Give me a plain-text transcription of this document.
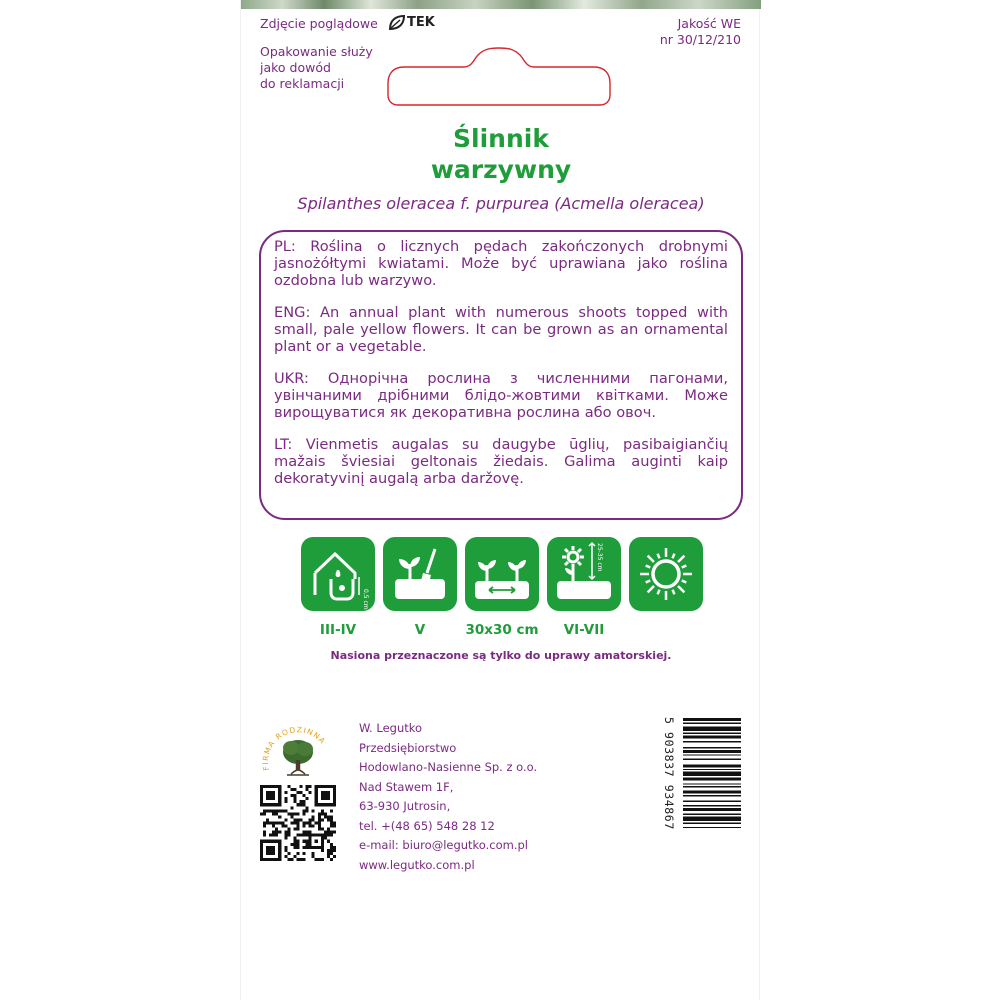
Zdjęcie poglądowe TEK
Opakowanie służy
jako dowód
do reklamacji
Jakość WE
nr 30/12/210
Ślinnik
warzywny
Spilanthes oleracea f. purpurea (Acmella oleracea)

PL: Roślina o licznych pędach zakończonych drobnymi jasnożółtymi kwiatami. Może być uprawiana jako roślina ozdobna lub warzywo.

ENG: An annual plant with numerous shoots topped with small, pale yellow flowers. It can be grown as an ornamental plant or a vegetable.

UKR: Однорічна рослина з численними пагонами, увінчаними дрібними блідо-жовтими квітками. Може вирощуватися як декоративна рослина або овоч.

LT: Vienmetis augalas su daugybe ūglių, pasibaigiančių mažais šviesiai geltonais žiedais. Galima auginti kaip dekoratyvinį augalą arba daržovę.

0,5 cm
25-35 cm
III-IV	V	30x30 cm	VI-VII
Nasiona przeznaczone są tylko do uprawy amatorskiej.
FIRMA RODZINNA
W. Legutko
Przedsiębiorstwo
Hodowlano-Nasienne Sp. z o.o.
Nad Stawem 1F,
63-930 Jutrosin,
tel. +(48 65) 548 28 12
e-mail: biuro@legutko.com.pl
www.legutko.com.pl
5 903837 934867
